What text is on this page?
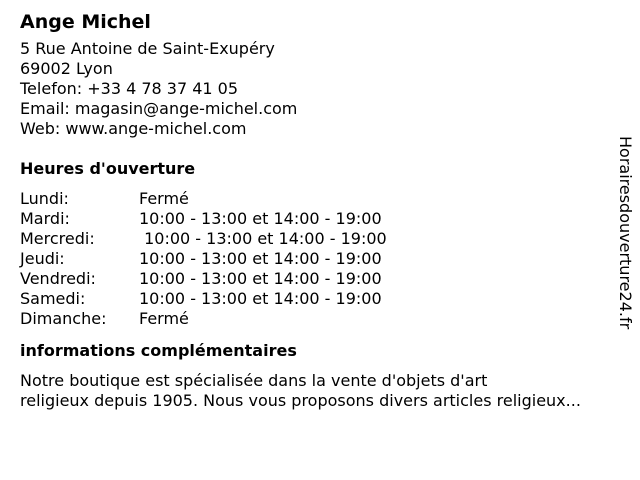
Ange Michel
5 Rue Antoine de Saint-Exupéry
69002 Lyon
Telefon: +33 4 78 37 41 05
Email: magasin@ange-michel.com
Web: www.ange-michel.com
Heures d'ouverture
Lundi:	Fermé
Mardi:	10:00 - 13:00 et 14:00 - 19:00
Mercredi:	10:00 - 13:00 et 14:00 - 19:00
Jeudi:	10:00 - 13:00 et 14:00 - 19:00
Vendredi:	10:00 - 13:00 et 14:00 - 19:00
Samedi:	10:00 - 13:00 et 14:00 - 19:00
Dimanche:	Fermé
informations complémentaires
Notre boutique est spécialisée dans la vente d'objets d'art
religieux depuis 1905. Nous vous proposons divers articles religieux...
Horairesdouverture24.fr
